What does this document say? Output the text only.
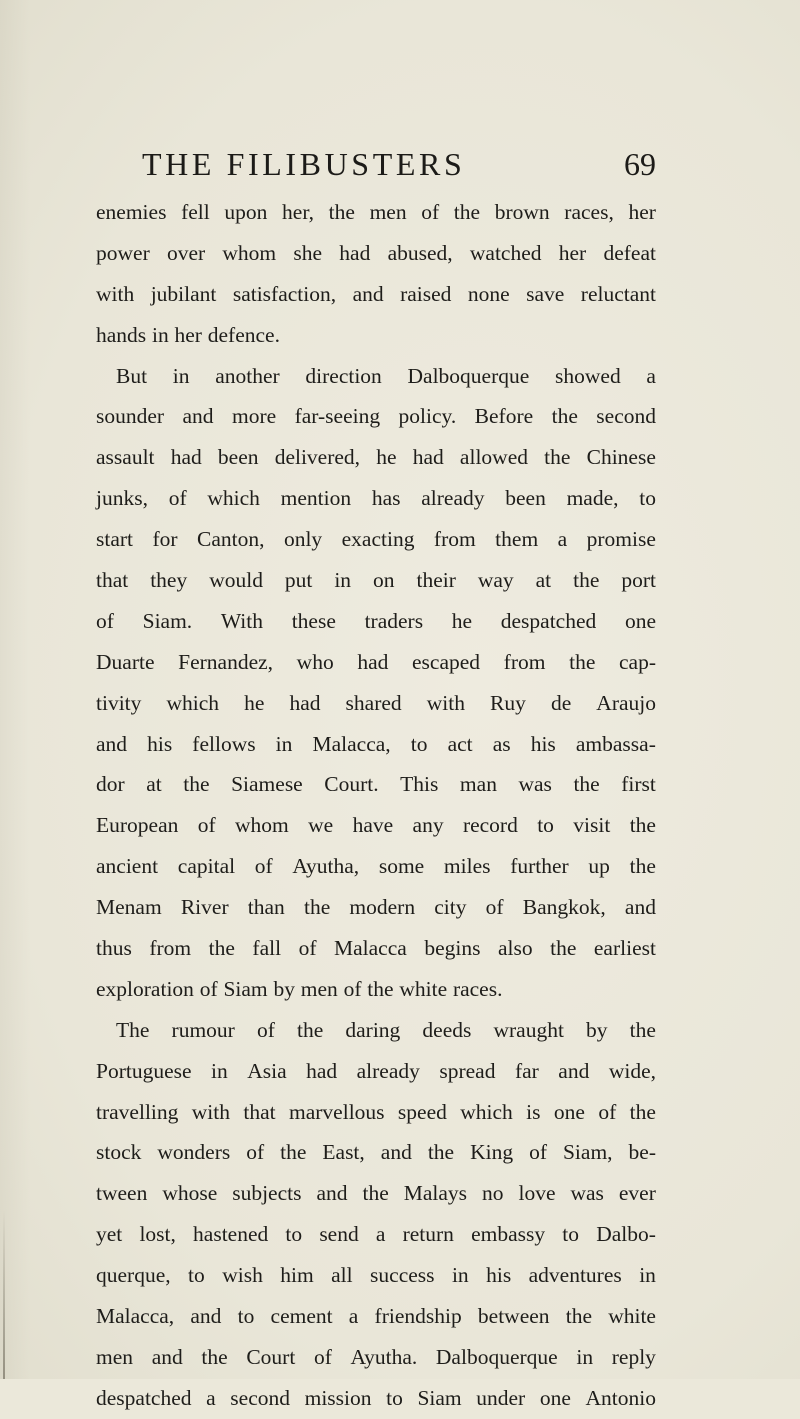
THE FILIBUSTERS	69
enemies fell upon her, the men of the brown races, her
power over whom she had abused, watched her defeat
with jubilant satisfaction, and raised none save reluctant
hands in her defence.
But in another direction Dalboquerque showed a
sounder and more far-seeing policy. Before the second
assault had been delivered, he had allowed the Chinese
junks, of which mention has already been made, to
start for Canton, only exacting from them a promise
that they would put in on their way at the port
of Siam. With these traders he despatched one
Duarte Fernandez, who had escaped from the cap-
tivity which he had shared with Ruy de Araujo
and his fellows in Malacca, to act as his ambassa-
dor at the Siamese Court. This man was the first
European of whom we have any record to visit the
ancient capital of Ayutha, some miles further up the
Menam River than the modern city of Bangkok, and
thus from the fall of Malacca begins also the earliest
exploration of Siam by men of the white races.
The rumour of the daring deeds wraught by the
Portuguese in Asia had already spread far and wide,
travelling with that marvellous speed which is one of the
stock wonders of the East, and the King of Siam, be-
tween whose subjects and the Malays no love was ever
yet lost, hastened to send a return embassy to Dalbo-
querque, to wish him all success in his adventures in
Malacca, and to cement a friendship between the white
men and the Court of Ayutha. Dalboquerque in reply
despatched a second mission to Siam under one Antonio
